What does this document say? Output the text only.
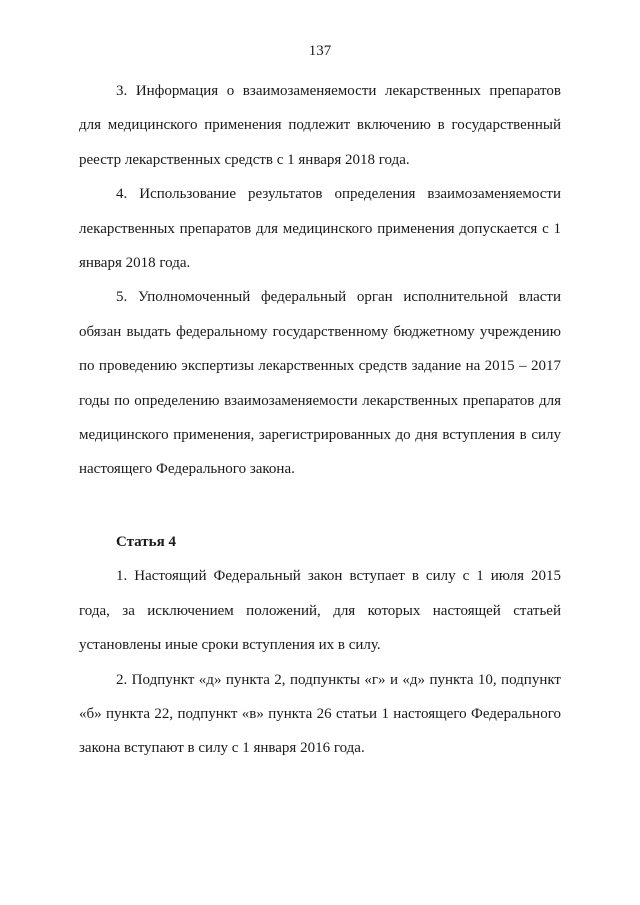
137

3. Информация о взаимозаменяемости лекарственных препаратов для медицинского применения подлежит включению в государственный реестр лекарственных средств с 1 января 2018 года.

4. Использование результатов определения взаимозаменяемости лекарственных препаратов для медицинского применения допускается с 1 января 2018 года.

5. Уполномоченный федеральный орган исполнительной власти обязан выдать федеральному государственному бюджетному учреждению по проведению экспертизы лекарственных средств задание на 2015 – 2017 годы по определению взаимозаменяемости лекарственных препаратов для медицинского применения, зарегистрированных до дня вступления в силу настоящего Федерального закона.

Статья 4

1. Настоящий Федеральный закон вступает в силу с 1 июля 2015 года, за исключением положений, для которых настоящей статьей установлены иные сроки вступления их в силу.

2. Подпункт «д» пункта 2, подпункты «г» и «д» пункта 10, подпункт «б» пункта 22, подпункт «в» пункта 26 статьи 1 настоящего Федерального закона вступают в силу с 1 января 2016 года.
